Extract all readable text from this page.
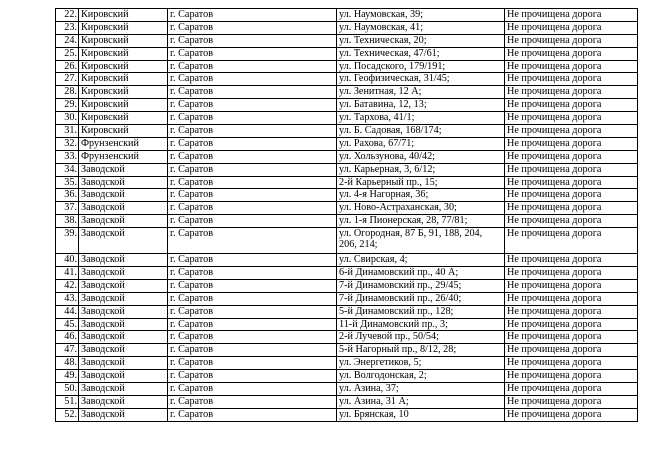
22.	Кировский	г. Саратов	ул. Наумовская, 39;	Не прочищена дорога
23.	Кировский	г. Саратов	ул. Наумовская, 41;	Не прочищена дорога
24.	Кировский	г. Саратов	ул. Техническая, 20;	Не прочищена дорога
25.	Кировский	г. Саратов	ул. Техническая, 47/61;	Не прочищена дорога
26.	Кировский	г. Саратов	ул. Посадского, 179/191;	Не прочищена дорога
27.	Кировский	г. Саратов	ул. Геофизическая, 31/45;	Не прочищена дорога
28.	Кировский	г. Саратов	ул. Зенитная, 12 А;	Не прочищена дорога
29.	Кировский	г. Саратов	ул. Батавина, 12, 13;	Не прочищена дорога
30.	Кировский	г. Саратов	ул. Тархова, 41/1;	Не прочищена дорога
31.	Кировский	г. Саратов	ул. Б. Садовая, 168/174;	Не прочищена дорога
32.	Фрунзенский	г. Саратов	ул. Рахова, 67/71;	Не прочищена дорога
33.	Фрунзенский	г. Саратов	ул. Хользунова, 40/42;	Не прочищена дорога
34.	Заводской	г. Саратов	ул. Карьерная, 3, 6/12;	Не прочищена дорога
35.	Заводской	г. Саратов	2-й Карьерный пр., 15;	Не прочищена дорога
36.	Заводской	г. Саратов	ул. 4-я Нагорная, 36;	Не прочищена дорога
37.	Заводской	г. Саратов	ул. Ново-Астраханская, 30;	Не прочищена дорога
38.	Заводской	г. Саратов	ул. 1-я Пионерская, 28, 77/81;	Не прочищена дорога
39.	Заводской	г. Саратов	ул. Огородная, 87 Б, 91, 188, 204, 206, 214;	Не прочищена дорога
40.	Заводской	г. Саратов	ул. Свирская, 4;	Не прочищена дорога
41.	Заводской	г. Саратов	6-й Динамовский пр., 40 А;	Не прочищена дорога
42.	Заводской	г. Саратов	7-й Динамовский пр., 29/45;	Не прочищена дорога
43.	Заводской	г. Саратов	7-й Динамовский пр., 26/40;	Не прочищена дорога
44.	Заводской	г. Саратов	5-й Динамовский пр., 128;	Не прочищена дорога
45.	Заводской	г. Саратов	11-й Динамовский пр., 3;	Не прочищена дорога
46.	Заводской	г. Саратов	2-й Лучевой пр., 50/54;	Не прочищена дорога
47.	Заводской	г. Саратов	5-й Нагорный пр., 8/12, 28;	Не прочищена дорога
48.	Заводской	г. Саратов	ул. Энергетиков, 5;	Не прочищена дорога
49.	Заводской	г. Саратов	ул. Волгодонская, 2;	Не прочищена дорога
50.	Заводской	г. Саратов	ул. Азина, 37;	Не прочищена дорога
51.	Заводской	г. Саратов	ул. Азина, 31 А;	Не прочищена дорога
52.	Заводской	г. Саратов	ул. Брянская, 10	Не прочищена дорога
